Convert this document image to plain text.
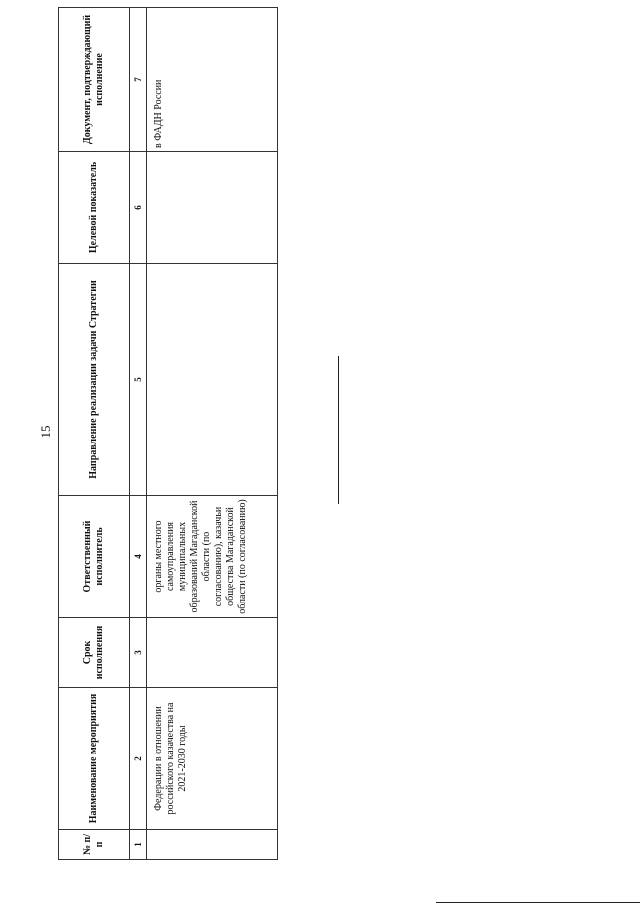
15
№ п/п	Наименование мероприятия	Срок исполнения	Ответственный исполнитель	Направление реализации задачи Стратегии	Целевой показатель	Документ, подтверждающий исполнение
1	2	3	4	5	6	7
	Федерации в отношении российского казачества на 2021-2030 годы		органы местного самоуправления муниципальных образований Магаданской области (по согласованию), казачьи общества Магаданской области (по согласованию)			в ФАДН России
